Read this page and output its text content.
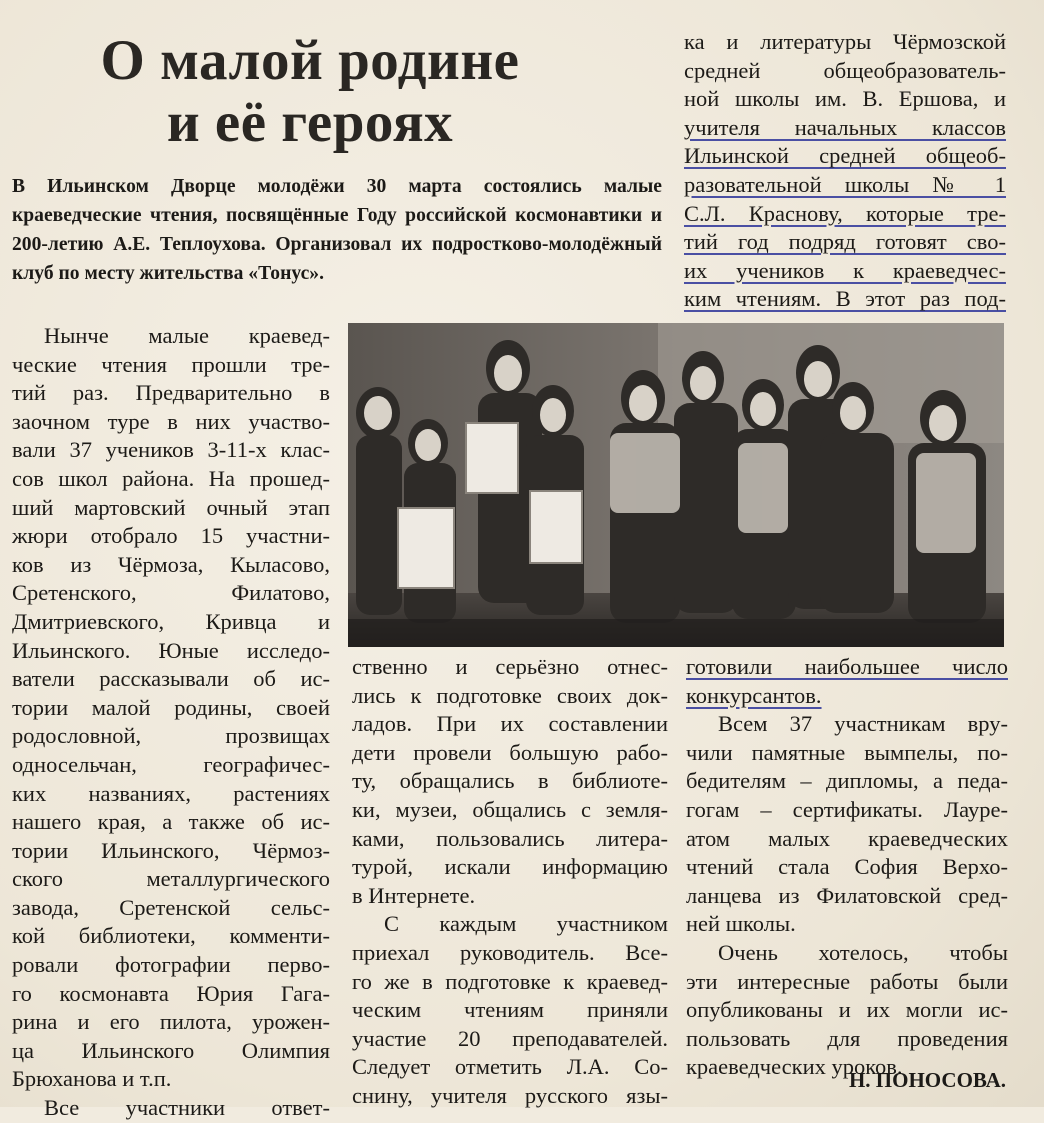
О малой родине
и её героях

В Ильинском Дворце молодёжи 30 марта состоялись малые краеведческие чтения, посвящённые Году российской космонавтики и 200-летию А.Е. Теплоухова. Организовал их подростково-молодёжный клуб по месту жительства «Тонус».

Нынче малые краевед-
ческие чтения прошли тре-
тий раз. Предварительно в
заочном туре в них участво-
вали 37 учеников 3-11-х клас-
сов школ района. На прошед-
ший мартовский очный этап
жюри отобрало 15 участни-
ков из Чёрмоза, Кыласово,
Сретенского, Филатово,
Дмитриевского, Кривца и
Ильинского. Юные исследо-
ватели рассказывали об ис-
тории малой родины, своей
родословной, прозвищах
односельчан, географичес-
ких названиях, растениях
нашего края, а также об ис-
тории Ильинского, Чёрмоз-
ского металлургического
завода, Сретенской сельс-
кой библиотеки, комменти-
ровали фотографии перво-
го космонавта Юрия Гага-
рина и его пилота, урожен-
ца Ильинского Олимпия
Брюханова и т.п.
Все участники ответ-
ственно и серьёзно отнес-
лись к подготовке своих док-
ладов. При их составлении
дети провели большую рабо-
ту, обращались в библиоте-
ки, музеи, общались с земля-
ками, пользовались литера-
турой, искали информацию
в Интернете.
С каждым участником
приехал руководитель. Все-
го же в подготовке к краевед-
ческим чтениям приняли
участие 20 преподавателей.
Следует отметить Л.А. Со-
снину, учителя русского язы-
ка и литературы Чёрмозской
средней общеобразователь-
ной школы им. В. Ершова, и
учителя начальных классов
Ильинской средней общеоб-
разовательной школы № 1
С.Л. Краснову, которые тре-
тий год подряд готовят сво-
их учеников к краеведчес-
ким чтениям. В этот раз под-
готовили наибольшее число
конкурсантов.
Всем 37 участникам вру-
чили памятные вымпелы, по-
бедителям – дипломы, а педа-
гогам – сертификаты. Лауре-
атом малых краеведческих
чтений стала София Верхо-
ланцева из Филатовской сред-
ней школы.
Очень хотелось, чтобы
эти интересные работы были
опубликованы и их могли ис-
пользовать для проведения
краеведческих уроков.
Н. ПОНОСОВА.
